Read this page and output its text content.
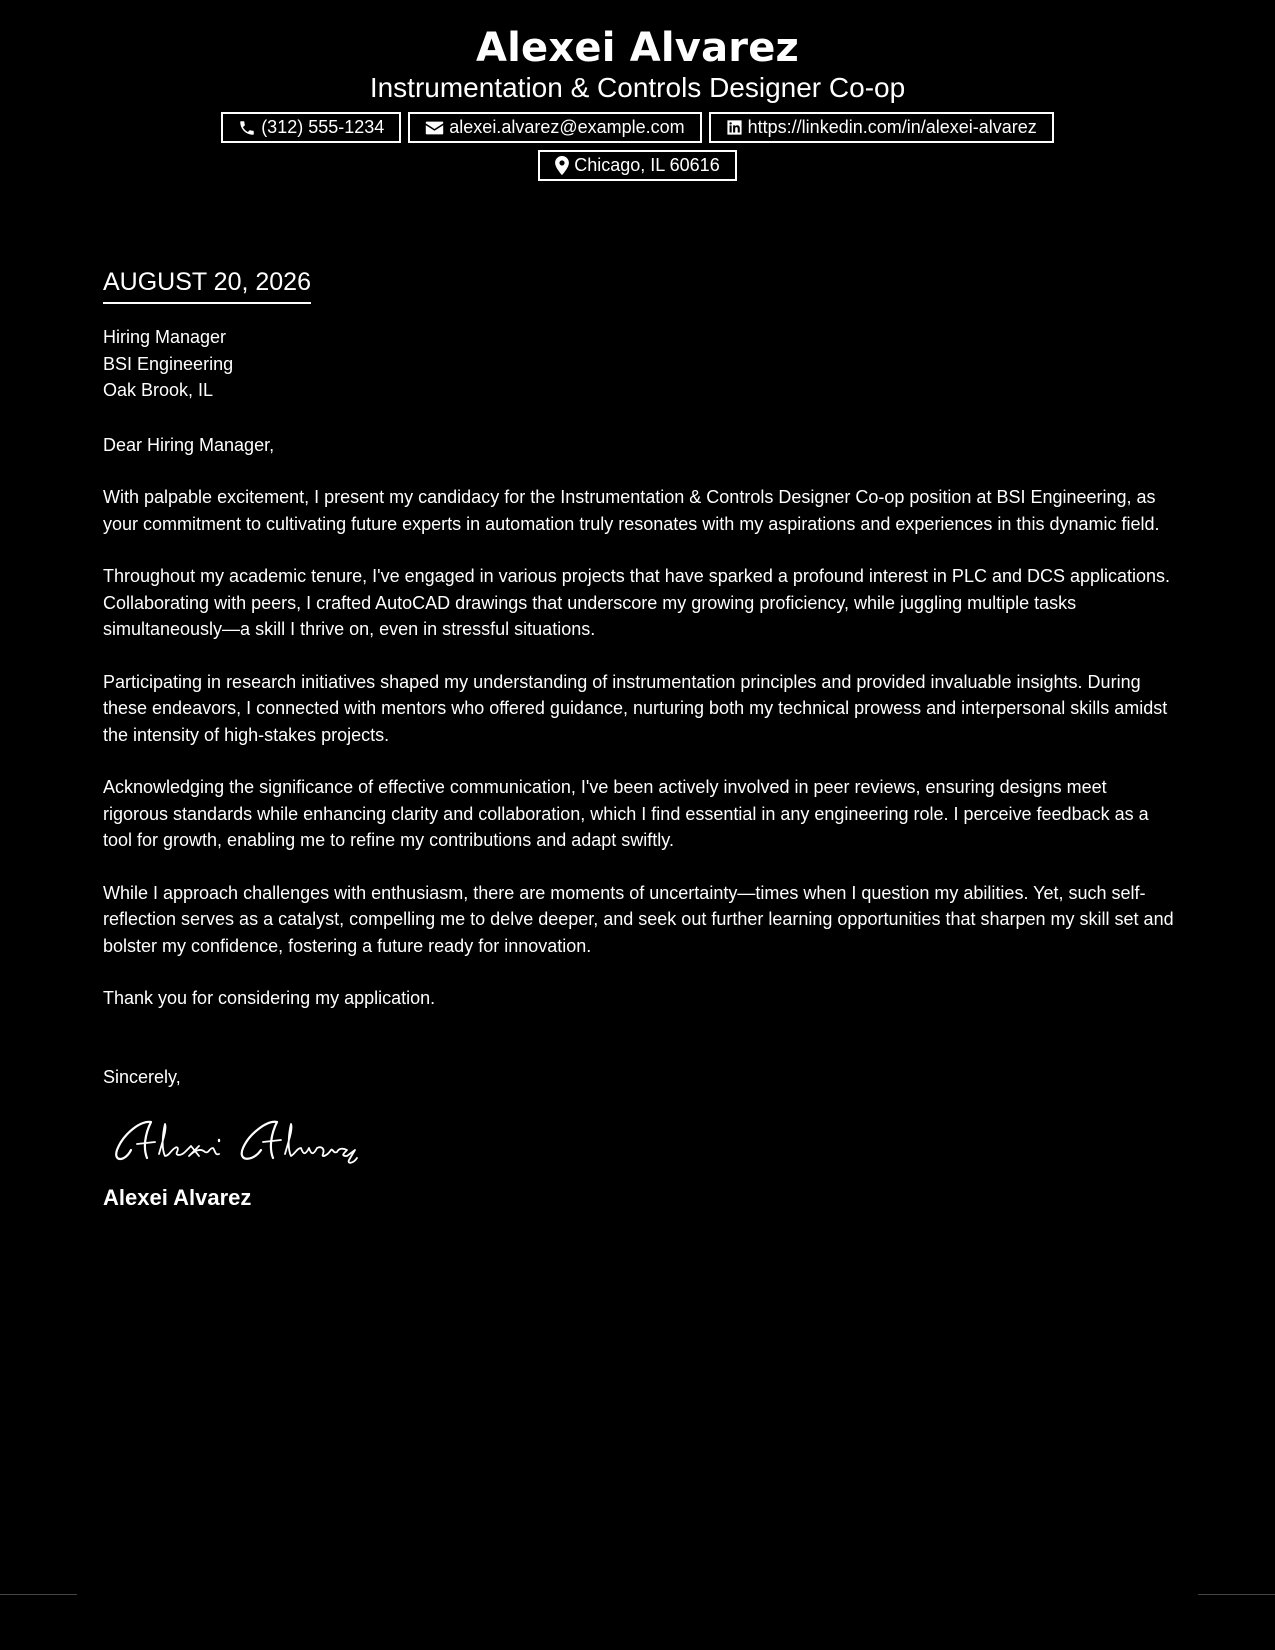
Alexei Alvarez
Instrumentation & Controls Designer Co-op
(312) 555-1234	alexei.alvarez@example.com	https://linkedin.com/in/alexei-alvarez
Chicago, IL 60616
AUGUST 20, 2026
Hiring Manager
BSI Engineering
Oak Brook, IL
Dear Hiring Manager,
With palpable excitement, I present my candidacy for the Instrumentation & Controls Designer Co-op position at BSI Engineering, as your commitment to cultivating future experts in automation truly resonates with my aspirations and experiences in this dynamic field.
Throughout my academic tenure, I've engaged in various projects that have sparked a profound interest in PLC and DCS applications. Collaborating with peers, I crafted AutoCAD drawings that underscore my growing proficiency, while juggling multiple tasks simultaneously—a skill I thrive on, even in stressful situations.
Participating in research initiatives shaped my understanding of instrumentation principles and provided invaluable insights. During these endeavors, I connected with mentors who offered guidance, nurturing both my technical prowess and interpersonal skills amidst the intensity of high-stakes projects.
Acknowledging the significance of effective communication, I've been actively involved in peer reviews, ensuring designs meet rigorous standards while enhancing clarity and collaboration, which I find essential in any engineering role. I perceive feedback as a tool for growth, enabling me to refine my contributions and adapt swiftly.
While I approach challenges with enthusiasm, there are moments of uncertainty—times when I question my abilities. Yet, such self-reflection serves as a catalyst, compelling me to delve deeper, and seek out further learning opportunities that sharpen my skill set and bolster my confidence, fostering a future ready for innovation.
Thank you for considering my application.
Sincerely,
Alexei Alvarez
